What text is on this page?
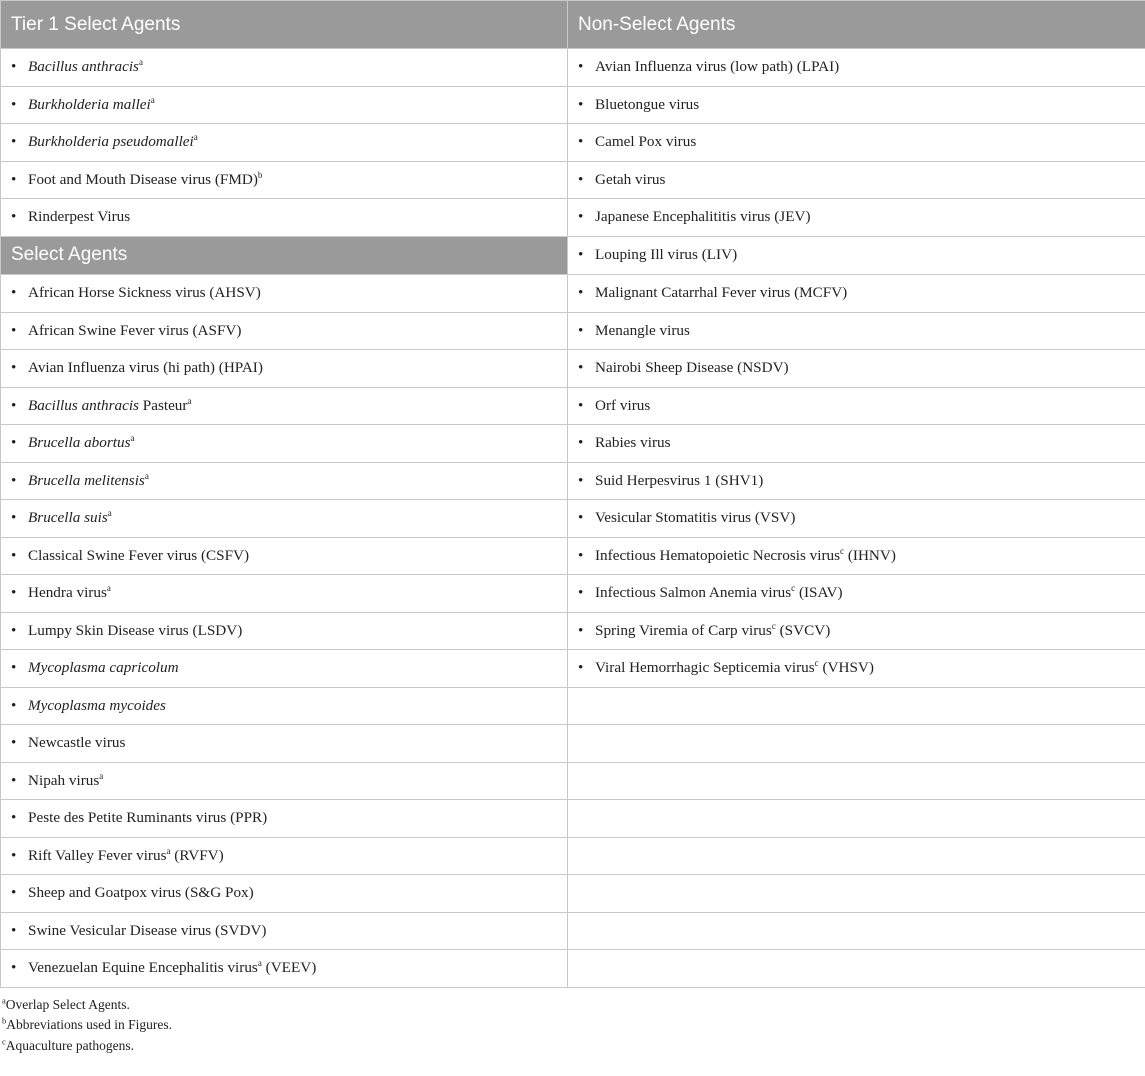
Tier 1 Select Agents	Non-Select Agents
• Bacillus anthracis$^a$	• Avian Influenza virus (low path) (LPAI)
• Burkholderia mallei$^a$	• Bluetongue virus
• Burkholderia pseudomallei$^a$	• Camel Pox virus
• Foot and Mouth Disease virus (FMD)$^b$	• Getah virus
• Rinderpest Virus	• Japanese Encephalititis virus (JEV)
Select Agents	• Louping Ill virus (LIV)
• African Horse Sickness virus (AHSV)	• Malignant Catarrhal Fever virus (MCFV)
• African Swine Fever virus (ASFV)	• Menangle virus
• Avian Influenza virus (hi path) (HPAI)	• Nairobi Sheep Disease (NSDV)
• Bacillus anthracis Pasteur$^a$	• Orf virus
• Brucella abortus$^a$	• Rabies virus
• Brucella melitensis$^a$	• Suid Herpesvirus 1 (SHV1)
• Brucella suis$^a$	• Vesicular Stomatitis virus (VSV)
• Classical Swine Fever virus (CSFV)	• Infectious Hematopoietic Necrosis virus$^c$ (IHNV)
• Hendra virus$^a$	• Infectious Salmon Anemia virus$^c$ (ISAV)
• Lumpy Skin Disease virus (LSDV)	• Spring Viremia of Carp virus$^c$ (SVCV)
• Mycoplasma capricolum	• Viral Hemorrhagic Septicemia virus$^c$ (VHSV)
• Mycoplasma mycoides	
• Newcastle virus	
• Nipah virus$^a$	
• Peste des Petite Ruminants virus (PPR)	
• Rift Valley Fever virus$^a$ (RVFV)	
• Sheep and Goatpox virus (S&G Pox)	
• Swine Vesicular Disease virus (SVDV)	
• Venezuelan Equine Encephalitis virus$^a$ (VEEV)	
$^a$Overlap Select Agents.
$^b$Abbreviations used in Figures.
$^c$Aquaculture pathogens.
